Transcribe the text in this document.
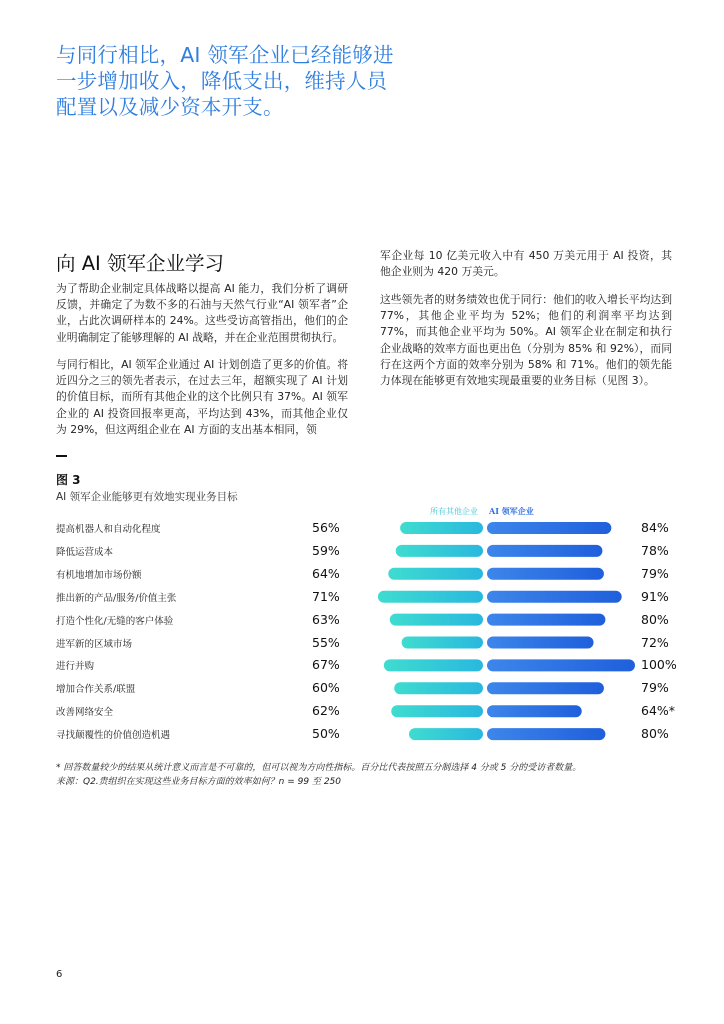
与同行相比，AI 领军企业已经能够进一步增加收入，降低支出，维持人员配置以及减少资本开支。
向 AI 领军企业学习
为了帮助企业制定具体战略以提高 AI 能力，我们分析了调研反馈，并确定了为数不多的石油与天然气行业“AI 领军者”企业，占此次调研样本的 24%。这些受访高管指出，他们的企业明确制定了能够理解的 AI 战略，并在企业范围贯彻执行。
与同行相比，AI 领军企业通过 AI 计划创造了更多的价值。将近四分之三的领先者表示，在过去三年，超额实现了 AI 计划的价值目标，而所有其他企业的这个比例只有 37%。AI 领军企业的 AI 投资回报率更高，平均达到 43%，而其他企业仅为 29%，但这两组企业在 AI 方面的支出基本相同，领
军企业每 10 亿美元收入中有 450 万美元用于 AI 投资，其他企业则为 420 万美元。
这些领先者的财务绩效也优于同行：他们的收入增长平均达到 77%，其他企业平均为 52%；他们的利润率平均达到 77%，而其他企业平均为 50%。AI 领军企业在制定和执行企业战略的效率方面也更出色（分别为 85% 和 92%），而同行在这两个方面的效率分别为 58% 和 71%。他们的领先能力体现在能够更有效地实现最重要的业务目标（见图 3）。
图 3
AI 领军企业能够更有效地实现业务目标
所有其他企业 AI 领军企业
提高机器人和自动化程度	56%	84%
降低运营成本	59%	78%
有机地增加市场份额	64%	79%
推出新的产品/服务/价值主张	71%	91%
打造个性化/无缝的客户体验	63%	80%
进军新的区域市场	55%	72%
进行并购	67%	100%
增加合作关系/联盟	60%	79%
改善网络安全	62%	64%*
寻找颠覆性的价值创造机遇	50%	80%
* 回答数量较少的结果从统计意义而言是不可靠的，但可以视为方向性指标。百分比代表按照五分制选择 4 分或 5 分的受访者数量。
来源：Q2.贵组织在实现这些业务目标方面的效率如何？n = 99 至 250
6
